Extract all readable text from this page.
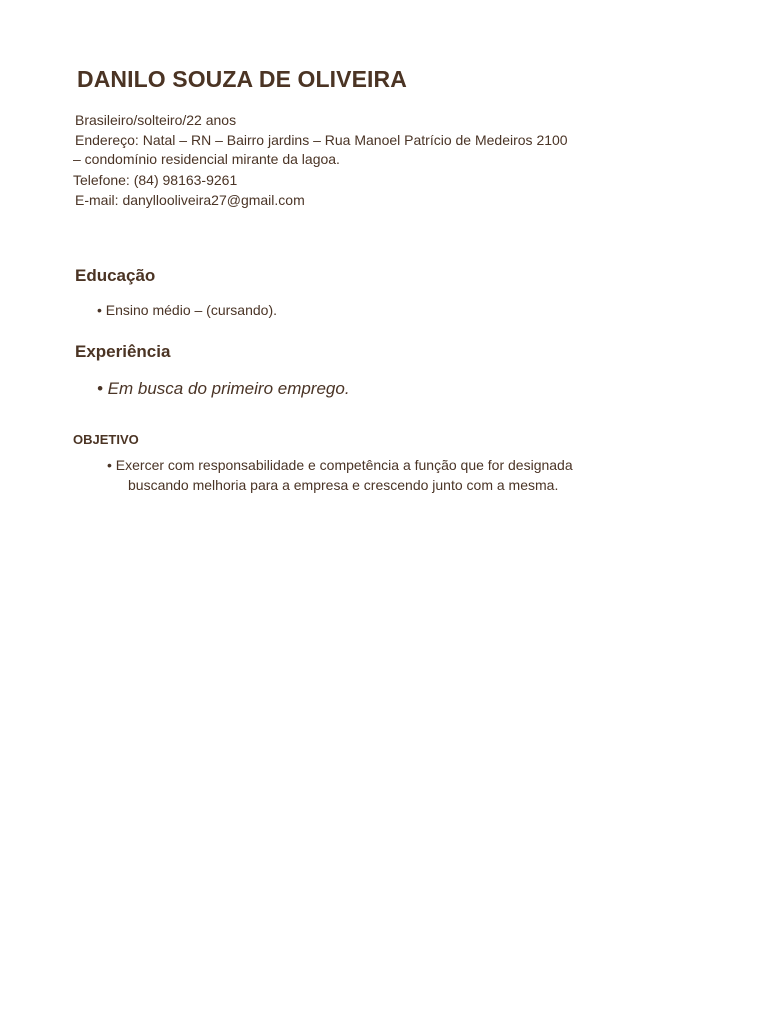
DANILO SOUZA DE OLIVEIRA
Brasileiro/solteiro/22 anos
Endereço: Natal – RN – Bairro jardins – Rua Manoel Patrício de Medeiros 2100
– condomínio residencial mirante da lagoa.
Telefone: (84) 98163-9261
E-mail: danyllooliveira27@gmail.com
Educação
• Ensino médio – (cursando).
Experiência
• Em busca do primeiro emprego.
OBJETIVO
• Exercer com responsabilidade e competência a função que for designada
buscando melhoria para a empresa e crescendo junto com a mesma.
